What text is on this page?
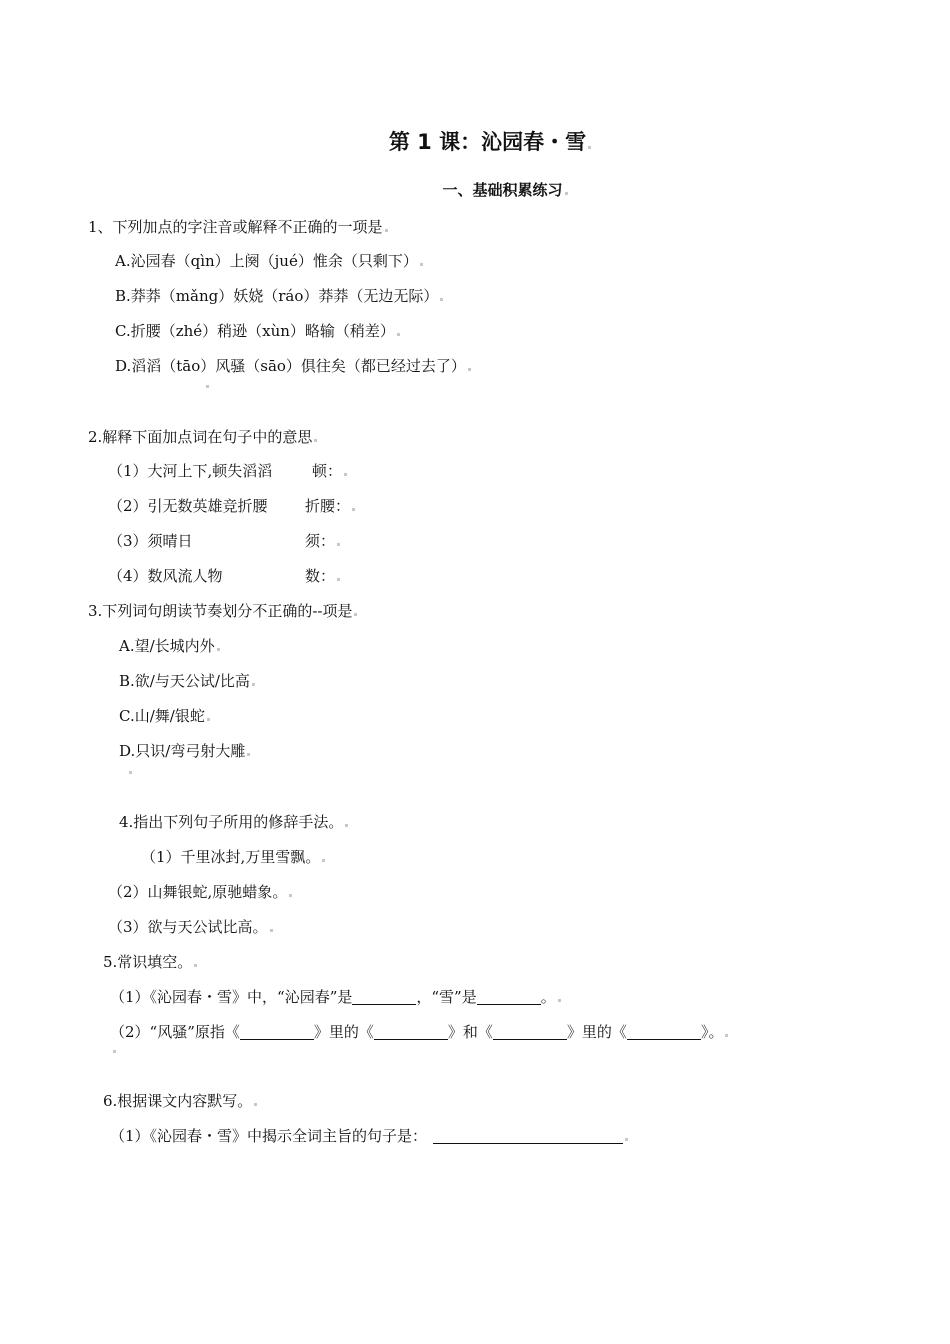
第 1 课：沁园春・雪
一、基础积累练习
1、下列加点的字注音或解释不正确的一项是
A.沁园春（qìn）上阕（jué）惟余（只剩下）
B.莽莽（mǎng）妖娆（ráo）莽莽（无边无际）
C.折腰（zhé）稍逊（xùn）略输（稍差）
D.滔滔（tāo）风骚（sāo）俱往矣（都已经过去了）
2.解释下面加点词在句子中的意思
（1）大河上下,顿失滔滔	顿：
（2）引无数英雄竞折腰 折腰：
（3）须晴日	须：
（4）数风流人物	数：
3.下列词句朗读节奏划分不正确的--项是
A.望/长城内外
B.欲/与天公试/比高
C.山/舞/银蛇
D.只识/弯弓射大雕
4.指出下列句子所用的修辞手法。
（1）千里冰封,万里雪飘。
（2）山舞银蛇,原驰蜡象。
（3）欲与天公试比高。
5.常识填空。
（1）《沁园春・雪》中，“沁园春”是	，“雪”是	。
（2）“风骚”原指《	》里的《	》和《	》里的《	》。
6.根据课文内容默写。
（1）《沁园春・雪》中揭示全词主旨的句子是：
